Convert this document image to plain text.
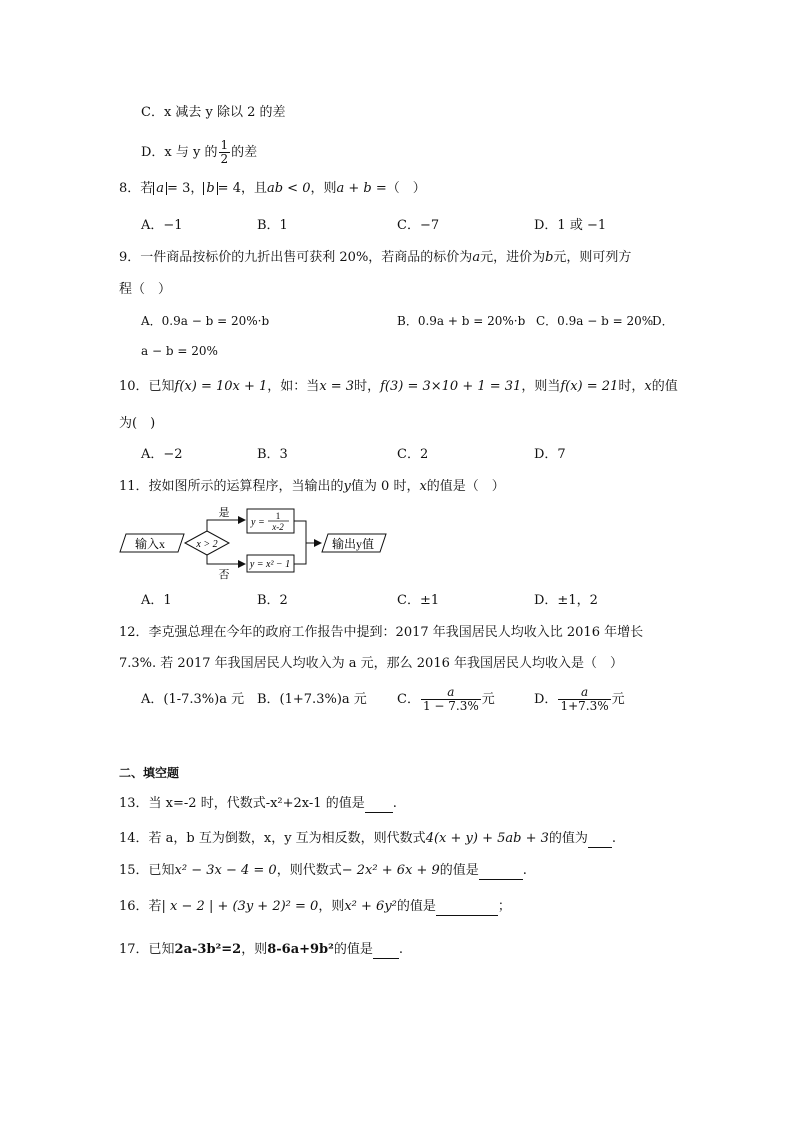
C．x 减去 y 除以 2 的差
D．x 与 y 的 $\frac{1}{2}$ 的差
8．若 a = 3， b = 4，且ab < 0，则a + b =（　）
A．−1	B．1	C．−7	D．1 或 −1
9．一件商品按标价的九折出售可获利 20%，若商品的标价为a元，进价为b元，则可列方
程（　）
A．0.9a − b = 20%·b	B．0.9a + b = 20%·b C．0.9a − b = 20%
D．
a − b = 20%
10．已知f(x) = 10x + 1，如：当x = 3时，f(3) = 3×10 + 1 = 31，则当f(x) = 21时，x的值
为(　)
A．−2	B．3	C．2	D．7
11．按如图所示的运算程序，当输出的y值为 0 时，x的值是（　）
输入x	x > 2
是
否
y =
1
x-2
y = x² − 1
输出y值
A．1	B．2	C．±1	D．±1，2
12．李克强总理在今年的政府工作报告中提到：2017 年我国居民人均收入比 2016 年增长
7.3%. 若 2017 年我国居民人均收入为 a 元，那么 2016 年我国居民人均收入是（　）
A．(1-7.3%)a 元 B．(1+7.3%)a 元 C． $\frac{a}{1 - 7.3\%}$ 元	D． $\frac{a}{1+7.3\%}$ 元
二、填空题
13．当 x=-2 时，代数式-x²+2x-1 的值是 .
14．若 a，b 互为倒数，x，y 互为相反数，则代数式4(x + y) + 5ab + 3的值为 .
15．已知x² − 3x − 4 = 0，则代数式− 2x² + 6x + 9的值是	.
16．若| x − 2 | + (3y + 2)² = 0，则x² + 6y²的值是	；
17．已知2a-3b²=2，则8-6a+9b²的值是 .
